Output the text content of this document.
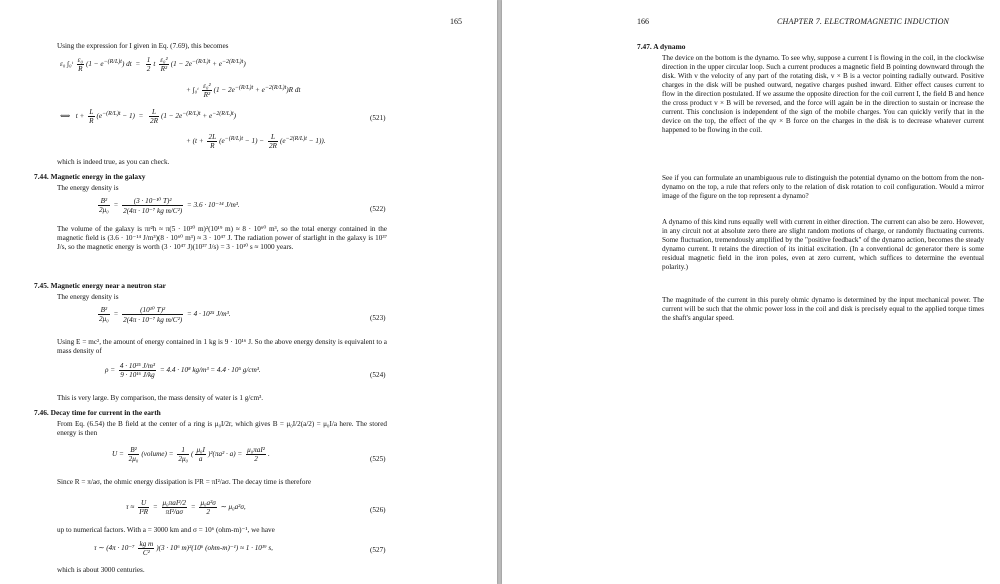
165
Using the expression for I given in Eq. (7.69), this becomes
ε₀ ∫₀ᵗ $\frac{\text{ε₀}}{R} (1 - e^{-(R/L)t})$ dt  = $\frac{1}{2}$ t $\frac{\text{ε₀²}}{\text{R²}} (1 - 2e^{-(R/L)t} + e^{-2(R/L)t})$
+ ∫₀ᵗ $\frac{\text{ε₀²}}{\text{R²}} (1 - 2e^{-(R/L)t} + e^{-2(R/L)t})R$ dt
⟺   $t + \frac{L}{R} (e^{-(R/L)t} - 1) = \frac{L}{2R} (1 - 2e^{-(R/L)t} + e^{-2(R/L)t})$	(521)
+ $(t + \frac{2L}{R} (e^{-(R/L)t} - 1) - \frac{L}{2R} (e^{-2(R/L)t} - 1))$.
which is indeed true, as you can check.
7.44. Magnetic energy in the galaxy
The energy density is
$\frac{\text{B²}}{\text{2μ₀}} = \frac{\text{(3 · 10⁻¹⁰ T)²}}{\text{2(4π · 10⁻⁷ kg m/C²)}} = 3.6 \cdot 10^{-14}$ J/m³.	(522)
The volume of the galaxy is πr²h ≈ π(5 · 10²⁰ m)²(10¹⁹ m) ≈ 8 · 10⁶⁰ m³, so the total energy contained in the magnetic field is (3.6 · 10⁻¹⁴ J/m³)(8 · 10⁶⁰ m³) ≈ 3 · 10⁴⁷ J. The radiation power of starlight in the galaxy is 10³⁷ J/s, so the magnetic energy is worth (3 · 10⁴⁷ J)(10³⁷ J/s) = 3 · 10¹⁰ s ≈ 1000 years.
7.45. Magnetic energy near a neutron star
The energy density is
$\frac{\text{B²}}{\text{2μ₀}} = \frac{\text{(10¹⁰ T)²}}{\text{2(4π · 10⁻⁷ kg m/C²)}} = 4 \cdot 10^{25}$ J/m³.	(523)
Using E = mc², the amount of energy contained in 1 kg is 9 · 10¹⁶ J. So the above energy density is equivalent to a mass density of
$\rho = \frac{\text{4 · 10²⁵ J/m³}}{\text{9 · 10¹⁶ J/kg}} = 4.4 \cdot 10^8$ kg/m³ = 4.4 · 10⁵ g/cm³.
(524)
This is very large. By comparison, the mass density of water is 1 g/cm³.
7.46. Decay time for current in the earth
From Eq. (6.54) the B field at the center of a ring is μ₀I/2r, which gives B = μ₀I/2(a/2) = μ₀I/a here. The stored energy is then
$U = \frac{\text{B²}}{\text{2μ₀}}$ (volume) = $\frac{1}{\text{2μ₀}}$ ( $\frac{\text{μ₀I}}{a} )^2(\pi a^2 \cdot a) = \frac{\text{μ₀πaI²}}{2}$ .
(525)
Since R = π/aσ, the ohmic energy dissipation is I²R = πI²/aσ. The decay time is therefore
$\tau \approx \frac{U}{\text{I²R}} = \frac{\text{μ₀πaI²/2}}{\text{πI²/aσ}} = \frac{\text{μ₀a²σ}}{2}$ ∼ μ₀a²σ,	(526)
up to numerical factors. With a = 3000 km and σ = 10⁶ (ohm-m)⁻¹, we have
τ ∼ $(4\pi \cdot 10^{-7} \frac{\text{kg m}}{\text{C²}} )(3 \cdot 10^6$ m)²(10⁶ (ohm-m)⁻¹) ≈ 1 · 10¹⁹ s,	(527)
which is about 3000 centuries.
166	CHAPTER 7. ELECTROMAGNETIC INDUCTION
7.47. A dynamo
The device on the bottom is the dynamo. To see why, suppose a current I is flowing in the coil, in the clockwise direction in the upper circular loop. Such a current produces a magnetic field B pointing downward through the disk. With v the velocity of any part of the rotating disk, v × B is a vector pointing radially outward. Positive charges in the disk will be pushed outward, negative charges pushed inward. Either effect causes current to flow in the direction postulated. If we assume the opposite direction for the coil current I, the field B and hence the cross product v × B will be reversed, and the force will again be in the direction to sustain or increase the current. This conclusion is independent of the sign of the mobile charges. You can quickly verify that in the device on the top, the effect of the qv × B force on the charges in the disk is to decrease whatever current happened to be flowing in the coil.
See if you can formulate an unambiguous rule to distinguish the potential dynamo on the bottom from the non-dynamo on the top, a rule that refers only to the relation of disk rotation to coil configuration. Would a mirror image of the figure on the top represent a dynamo?
A dynamo of this kind runs equally well with current in either direction. The current can also be zero. However, in any circuit not at absolute zero there are slight random motions of charge, or randomly fluctuating currents. Some fluctuation, tremendously amplified by the "positive feedback" of the dynamo action, becomes the steady dynamo current. It retains the direction of its initial excitation. (In a conventional dc generator there is some residual magnetic field in the iron poles, even at zero current, which suffices to determine the eventual polarity.)
The magnitude of the current in this purely ohmic dynamo is determined by the input mechanical power. The current will be such that the ohmic power loss in the coil and disk is precisely equal to the applied torque times the shaft's angular speed.
